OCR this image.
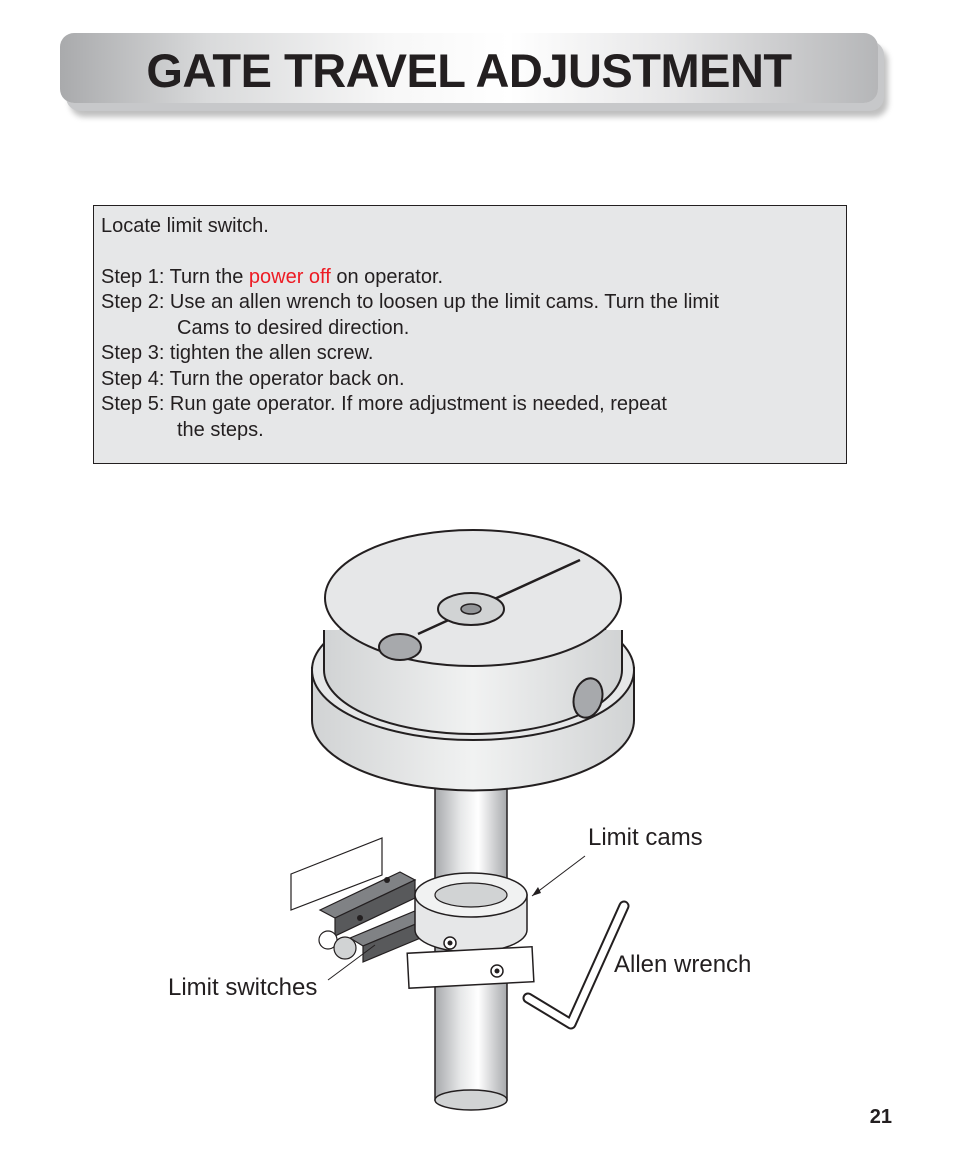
GATE TRAVEL ADJUSTMENT
Locate limit switch.
Step 1: Turn the power off on operator.
Step 2: Use an allen wrench to loosen up the limit cams. Turn the limit
Cams to desired direction.
Step 3: tighten the allen screw.
Step 4: Turn the operator back on.
Step 5: Run gate operator. If more adjustment is needed, repeat
the steps.
Limit cams
Allen wrench
Limit switches
21
